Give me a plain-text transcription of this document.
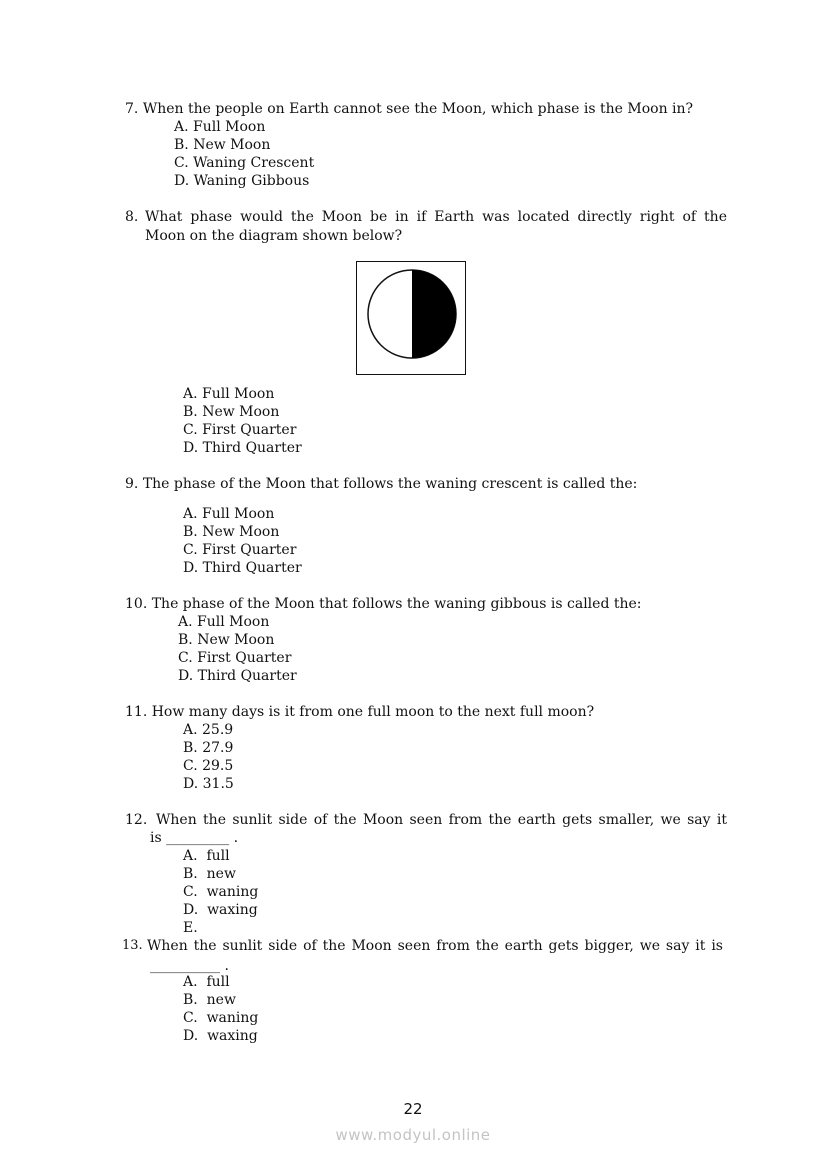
7. When the people on Earth cannot see the Moon, which phase is the Moon in?
A. Full Moon
B. New Moon
C. Waning Crescent
D. Waning Gibbous
8. What phase would the Moon be in if Earth was located directly right of the
Moon on the diagram shown below?
A. Full Moon
B. New Moon
C. First Quarter
D. Third Quarter
9. The phase of the Moon that follows the waning crescent is called the:
A. Full Moon
B. New Moon
C. First Quarter
D. Third Quarter
10. The phase of the Moon that follows the waning gibbous is called the:
A. Full Moon
B. New Moon
C. First Quarter
D. Third Quarter
11. How many days is it from one full moon to the next full moon?
A. 25.9
B. 27.9
C. 29.5
D. 31.5
12. When the sunlit side of the Moon seen from the earth gets smaller, we say it
is _________ .
A.  full
B.  new
C.  waning
D.  waxing
E.
13. When the sunlit side of the Moon seen from the earth gets bigger, we say it is
__________ .
A.  full
B.  new
C.  waning
D.  waxing
22
www.modyul.online
